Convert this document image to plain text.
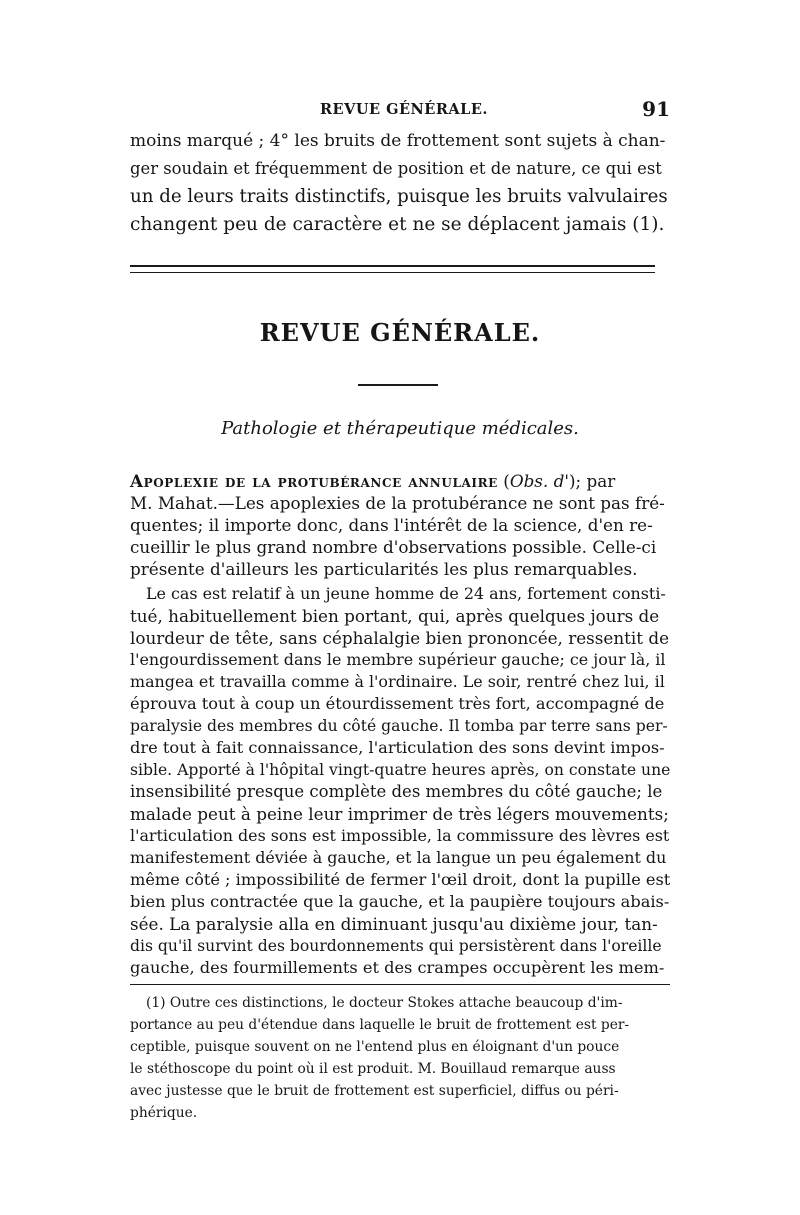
REVUE GÉNÉRALE.	91

moins marqué ; 4° les bruits de frottement sont sujets à chan-

ger soudain et fréquemment de position et de nature, ce qui est

un de leurs traits distinctifs, puisque les bruits valvulaires

changent peu de caractère et ne se déplacent jamais (1).

REVUE GÉNÉRALE.

Pathologie et thérapeutique médicales.

Apoplexie de la protubérance annulaire (Obs. d'); par

M. Mahat.—Les apoplexies de la protubérance ne sont pas fré-

quentes; il importe donc, dans l'intérêt de la science, d'en re-

cueillir le plus grand nombre d'observations possible. Celle-ci

présente d'ailleurs les particularités les plus remarquables.

Le cas est relatif à un jeune homme de 24 ans, fortement consti-

tué, habituellement bien portant, qui, après quelques jours de

lourdeur de tête, sans céphalalgie bien prononcée, ressentit de

l'engourdissement dans le membre supérieur gauche; ce jour là, il

mangea et travailla comme à l'ordinaire. Le soir, rentré chez lui, il

éprouva tout à coup un étourdissement très fort, accompagné de

paralysie des membres du côté gauche. Il tomba par terre sans per-

dre tout à fait connaissance, l'articulation des sons devint impos-

sible. Apporté à l'hôpital vingt-quatre heures après, on constate une

insensibilité presque complète des membres du côté gauche; le

malade peut à peine leur imprimer de très légers mouvements;

l'articulation des sons est impossible, la commissure des lèvres est

manifestement déviée à gauche, et la langue un peu également du

même côté ; impossibilité de fermer l'œil droit, dont la pupille est

bien plus contractée que la gauche, et la paupière toujours abais-

sée. La paralysie alla en diminuant jusqu'au dixième jour, tan-

dis qu'il survint des bourdonnements qui persistèrent dans l'oreille

gauche, des fourmillements et des crampes occupèrent les mem-

(1) Outre ces distinctions, le docteur Stokes attache beaucoup d'im-

portance au peu d'étendue dans laquelle le bruit de frottement est per-

ceptible, puisque souvent on ne l'entend plus en éloignant d'un pouce

le stéthoscope du point où il est produit. M. Bouillaud remarque auss

avec justesse que le bruit de frottement est superficiel, diffus ou péri-

phérique.
